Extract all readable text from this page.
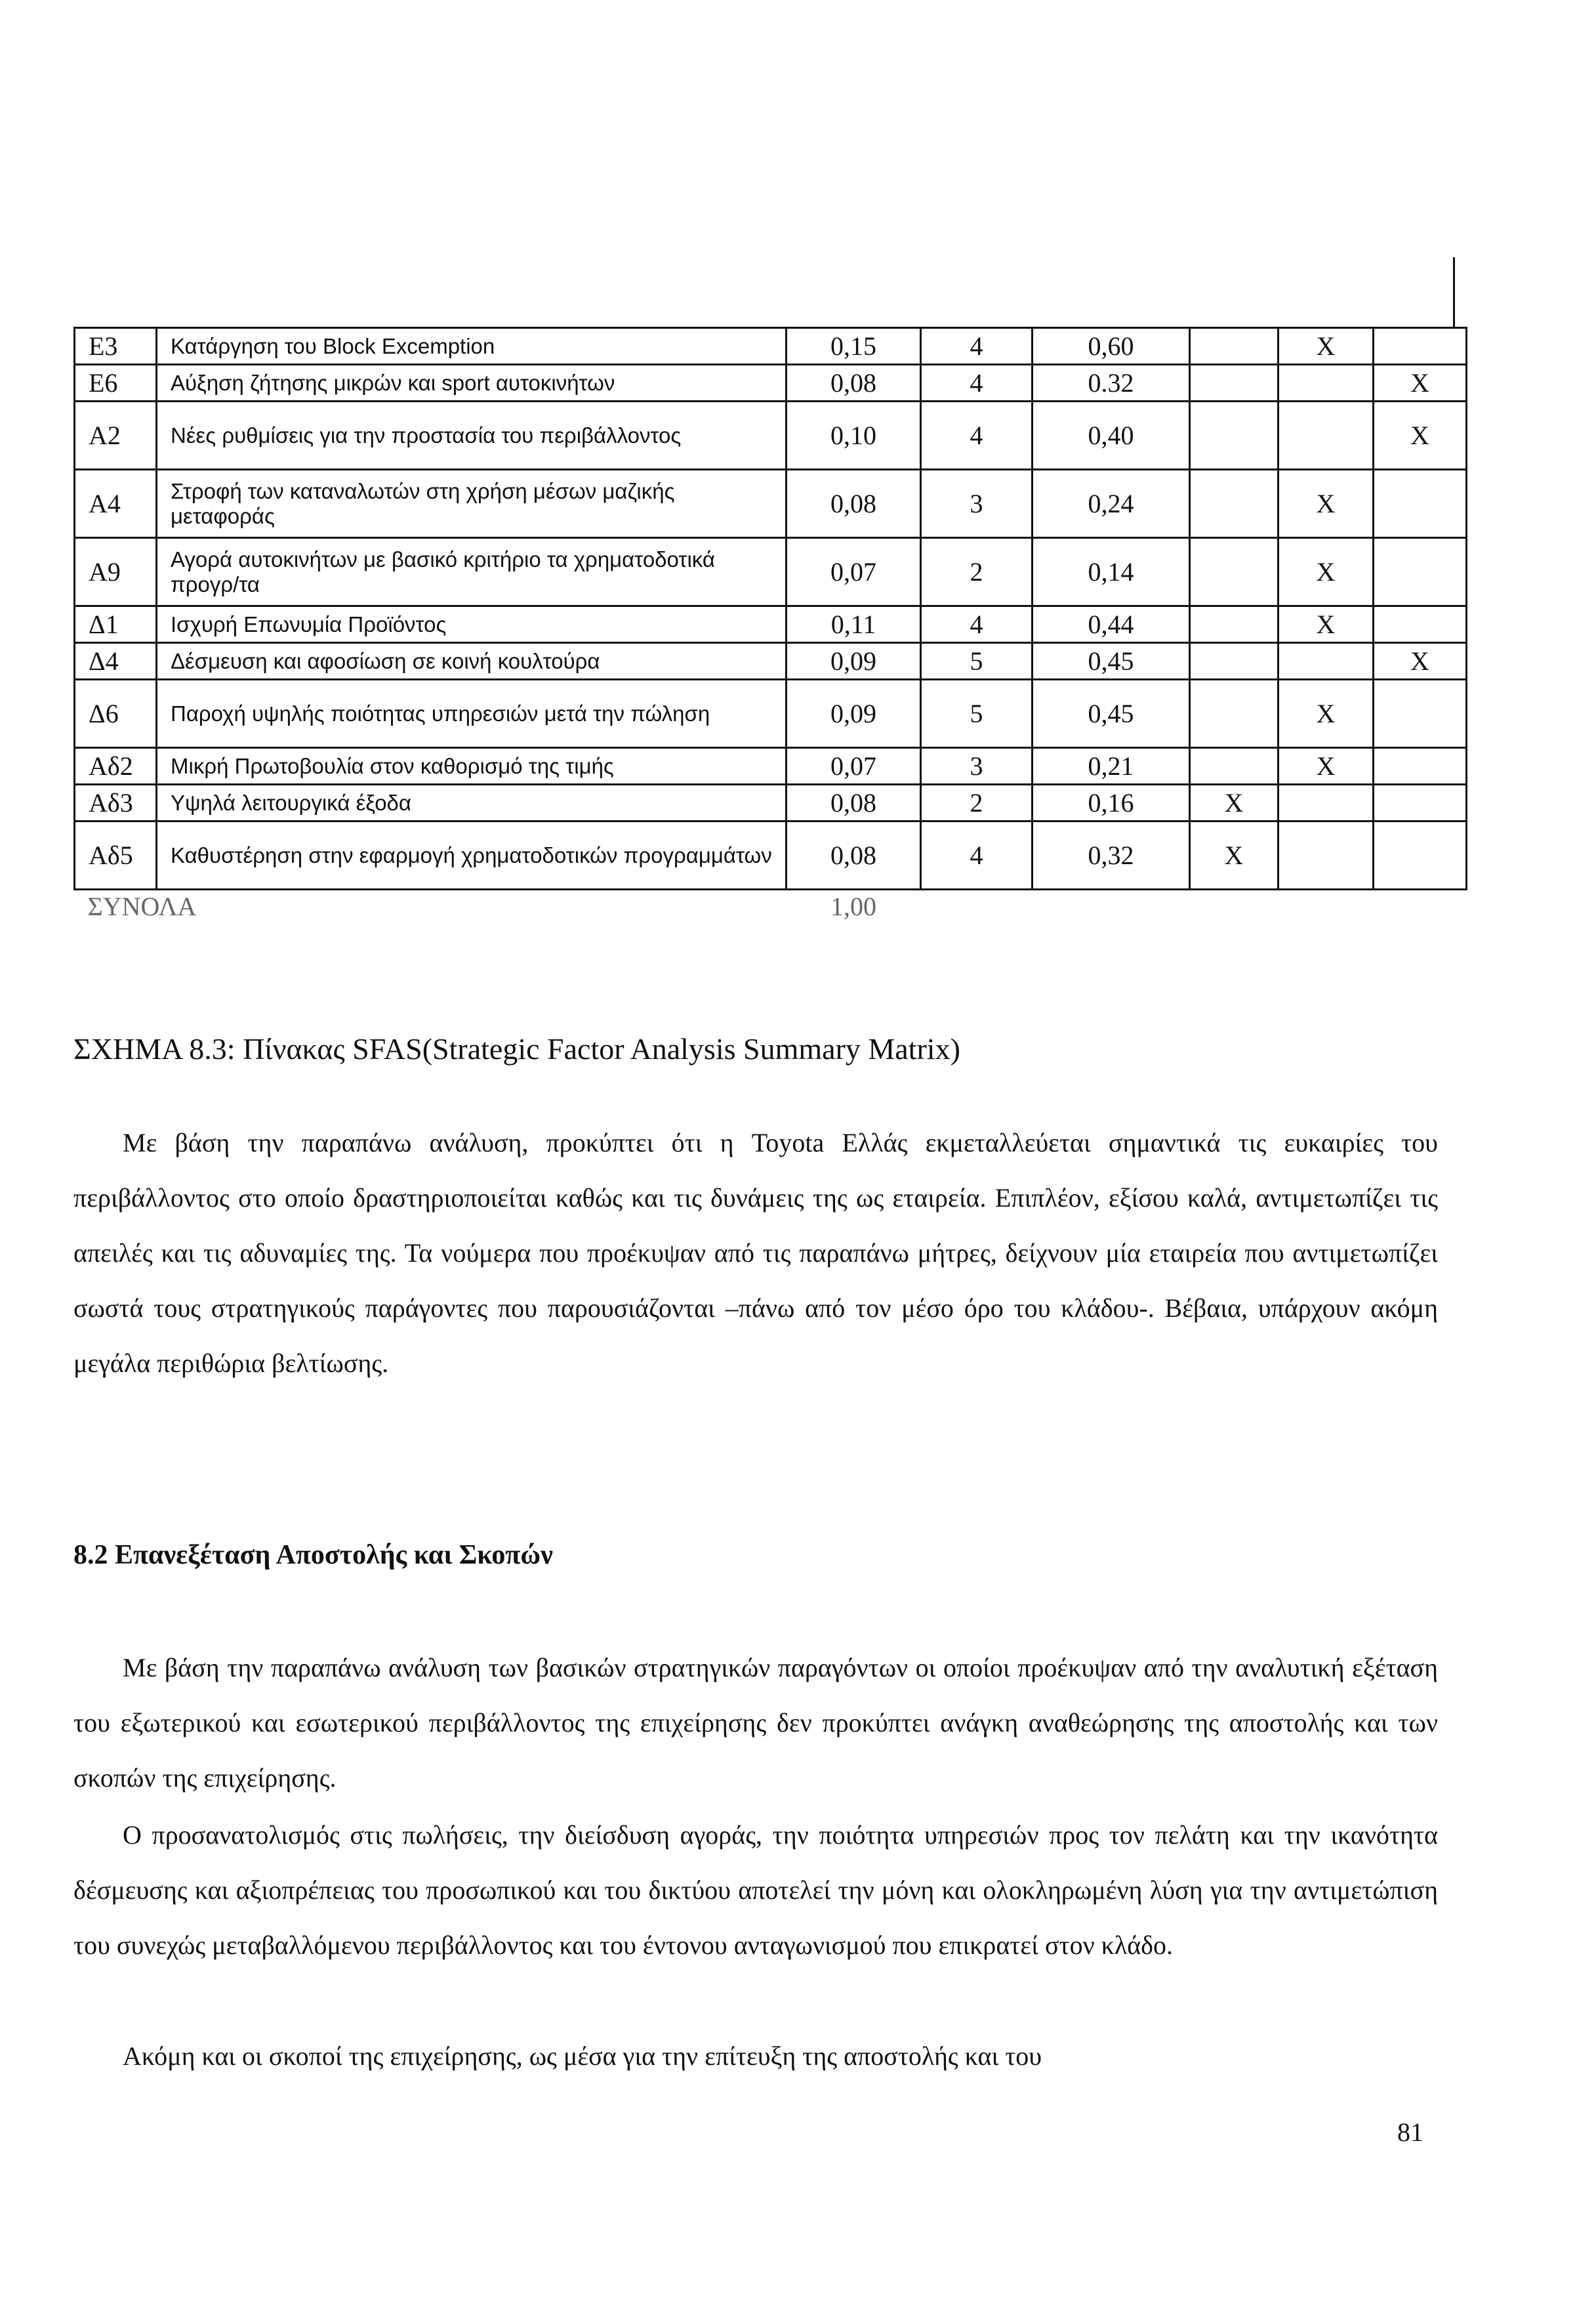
Ε3	Κατάργηση του Block Excemption	0,15	4	0,60		X	
Ε6	Αύξηση ζήτησης μικρών και sport αυτοκινήτων	0,08	4	0.32			X
Α2	Νέες ρυθμίσεις για την προστασία του περιβάλλοντος	0,10	4	0,40			X
Α4	Στροφή των καταναλωτών στη χρήση μέσων μαζικής μεταφοράς	0,08	3	0,24		X	
Α9	Αγορά αυτοκινήτων με βασικό κριτήριο τα χρηματοδοτικά προγρ/τα	0,07	2	0,14		X	
Δ1	Ισχυρή Επωνυμία Προϊόντος	0,11	4	0,44		X	
Δ4	Δέσμευση και αφοσίωση σε κοινή κουλτούρα	0,09	5	0,45			X
Δ6	Παροχή υψηλής ποιότητας υπηρεσιών μετά την πώληση	0,09	5	0,45		X	
Αδ2	Μικρή Πρωτοβουλία στον καθορισμό της τιμής	0,07	3	0,21		X	
Αδ3	Υψηλά λειτουργικά έξοδα	0,08	2	0,16	X		
Αδ5	Καθυστέρηση στην εφαρμογή χρηματοδοτικών προγραμμάτων	0,08	4	0,32	X		
ΣΥΝΟΛΑ		1,00					
ΣΧΗΜΑ 8.3: Πίνακας SFAS(Strategic Factor Analysis Summary Matrix)

Με βάση την παραπάνω ανάλυση, προκύπτει ότι η Toyota Ελλάς εκμεταλλεύεται σημαντικά τις ευκαιρίες του περιβάλλοντος στο οποίο δραστηριοποιείται καθώς και τις δυνάμεις της ως εταιρεία. Επιπλέον, εξίσου καλά, αντιμετωπίζει τις απειλές και τις αδυναμίες της. Τα νούμερα που προέκυψαν από τις παραπάνω μήτρες, δείχνουν μία εταιρεία που αντιμετωπίζει σωστά τους στρατηγικούς παράγοντες που παρουσιάζονται –πάνω από τον μέσο όρο του κλάδου-. Βέβαια, υπάρχουν ακόμη μεγάλα περιθώρια βελτίωσης.

8.2 Επανεξέταση Αποστολής και Σκοπών

Με βάση την παραπάνω ανάλυση των βασικών στρατηγικών παραγόντων οι οποίοι προέκυψαν από την αναλυτική εξέταση του εξωτερικού και εσωτερικού περιβάλλοντος της επιχείρησης δεν προκύπτει ανάγκη αναθεώρησης της αποστολής και των σκοπών της επιχείρησης.

Ο προσανατολισμός στις πωλήσεις, την διείσδυση αγοράς, την ποιότητα υπηρεσιών προς τον πελάτη και την ικανότητα δέσμευσης και αξιοπρέπειας του προσωπικού και του δικτύου αποτελεί την μόνη και ολοκληρωμένη λύση για την αντιμετώπιση του συνεχώς μεταβαλλόμενου περιβάλλοντος και του έντονου ανταγωνισμού που επικρατεί στον κλάδο.

Ακόμη και οι σκοποί της επιχείρησης, ως μέσα για την επίτευξη της αποστολής και του

81
